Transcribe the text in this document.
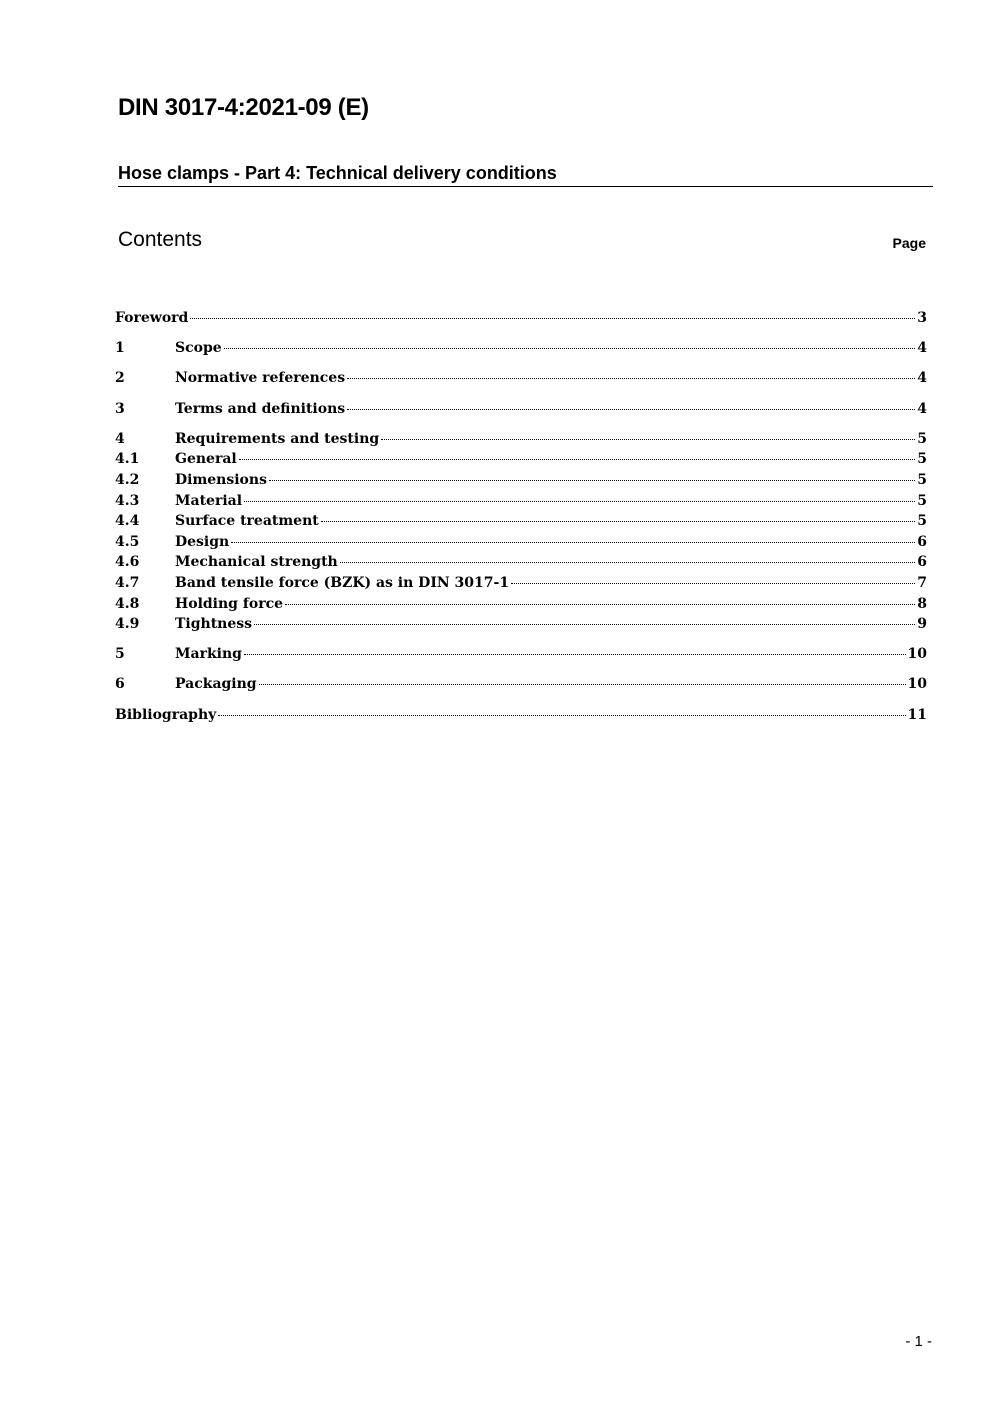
DIN 3017-4:2021-09 (E)
Hose clamps - Part 4: Technical delivery conditions
Contents	Page
Foreword	3
1	Scope	4
2	Normative references	4
3	Terms and definitions	4
4	Requirements and testing	5
4.1	General	5
4.2	Dimensions	5
4.3	Material	5
4.4	Surface treatment	5
4.5	Design	6
4.6	Mechanical strength	6
4.7	Band tensile force (BZK) as in DIN 3017-1	7
4.8	Holding force	8
4.9	Tightness	9
5	Marking	10
6	Packaging	10
Bibliography	11
- 1 -
